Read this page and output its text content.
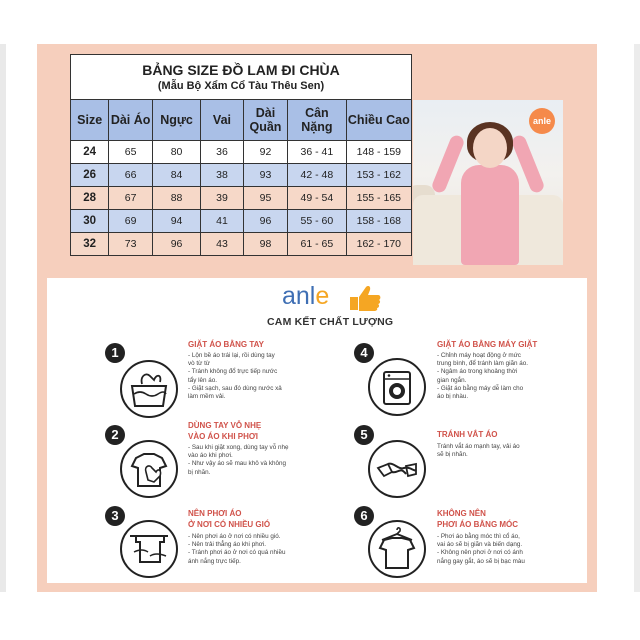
BẢNG SIZE ĐỒ LAM ĐI CHÙA
(Mẫu Bộ Xẩm Cổ Tàu Thêu Sen)						

Size	Dài Áo	Ngực	Vai	Dài Quần	Cân Nặng	Chiều Cao
24	65	80	36	92	36 - 41	148 - 159
26	66	84	38	93	42 - 48	153 - 162
28	67	88	39	95	49 - 54	155 - 165
30	69	94	41	96	55 - 60	158 - 168
32	73	96	43	98	61 - 65	162 - 170
anle
anle
CAM KẾT CHẤT LƯỢNG
1
GIẶT ÁO BẰNG TAY
- Lộn bề áo trái lại, rồi dùng tay
vò từ từ
- Tránh không đổ trực tiếp nước
tẩy lên áo.
- Giặt sạch, sau đó dùng nước xả
làm mềm vải.
2
DÙNG TAY VỖ NHẸ
VÀO ÁO KHI PHƠI
- Sau khi giặt xong, dùng tay vỗ nhẹ
vào áo khi phơi.
- Như vậy áo sẽ mau khô và không
bị nhăn.
3	NÊN PHƠI ÁO
Ở NƠI CÓ NHIỀU GIÓ
- Nên phơi áo ở nơi có nhiều gió.
- Nên trải thẳng áo khi phơi.
- Tránh phơi áo ở nơi có quá nhiều
ánh nắng trực tiếp.
4
GIẶT ÁO BẰNG MÁY GIẶT
- Chỉnh máy hoạt động ở mức
trung bình, để tránh làm giãn áo.
- Ngâm áo trong khoảng thời
gian ngắn.
- Giặt áo bằng máy dễ làm cho
áo bị nhàu.
5	TRÁNH VẮT ÁO
Tránh vắt áo mạnh tay, vải áo
sẽ bị nhăn.
6	KHÔNG NÊN
PHƠI ÁO BẰNG MÓC
- Phơi áo bằng móc thì cổ áo,
vai áo sẽ bị giãn và biến dạng.
- Không nên phơi ở nơi có ánh
nắng gay gắt, áo sẽ bị bạc màu
